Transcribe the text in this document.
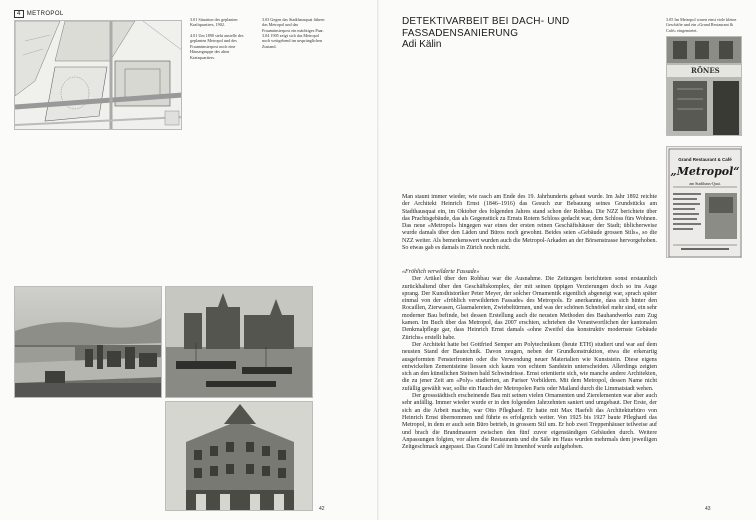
4 METROPOL
3.01 Situation des geplanten Kraftquartiers, 1902.
4.01 Um 1890 steht anstelle des geplanten Metropol und des Fraumünsterpost noch eine Häusergruppe des alten Kratzquartiers.
3.03 Gegen das Stadthausquai führen das Metropol und das Fraumünsterpost ein mächtiges Paar.
3.04 1905 zeigt sich das Metropol noch weitgehend im ursprünglichen Zustand.
42
DETEKTIVARBEIT BEI DACH- UND FASSADENSANIERUNG
Adi Kälin
3.05 Im Metropol waren einst viele kleine Geschäfte und ein «Grand Restaurant & Café» eingemietet.
RÖNES
Grand Restaurant & Café
„Metropol“
am Stadthaus-Quai.

Man staunt immer wieder, wie rasch am Ende des 19. Jahrhunderts gebaut wurde. Im Jahr 1892 reichte der Architekt Heinrich Ernst (1846–1916) das Gesuch zur Bebauung seines Grundstücks am Stadthausquai ein, im Oktober des folgenden Jahres stand schon der Rohbau. Die NZZ berichtete über das Prachtsgebäude, das als Gegenstück zu Ernsts Rotem Schloss gedacht war, dem Schloss fürs Wohnen. Das neue «Metropol» hingegen war eines der ersten reinen Geschäftshäuser der Stadt; üblicherweise wurde damals über den Läden und Büros noch gewohnt. Beides seien «Gebäude grossen Stils», so die NZZ weiter. Als bemerkenswert wurden auch die Metropol-Arkaden an der Börsenstrasse hervorgehoben. So etwas gab es damals in Zürich noch nicht.

«Fröhlich verwilderte Fassade»

Der Artikel über den Rohbau war die Ausnahme. Die Zeitungen berichteten sonst erstaunlich zurückhaltend über den Geschäftskomplex, der mit seinen üppigen Verzierungen doch so ins Auge sprang. Der Kunsthistoriker Peter Meyer, der solcher Ornamentik eigentlich abgeneigt war, sprach später einmal von der «fröhlich verwilderten Fassade» des Metropols. Er anerkannte, dass sich hinter den Rocaillen, Zierwasen, Glasmalereien, Zwiebeltürmen, und was der schönen Schnörkel mehr sind, ein sehr moderner Bau befinde, bei dessen Erstellung auch die neusten Methoden des Bauhandwerks zum Zug kamen. Im Buch über das Metropol, das 2007 erschien, schrieben die Verantwortlichen der kantonalen Denkmalpflege gar, dass Heinrich Ernst damals «ohne Zweifel das konstruktiv modernste Gebäude Zürichs» erstellt habe.

Der Architekt hatte bei Gottfried Semper am Polytechnikum (heute ETH) studiert und war auf dem neusten Stand der Bautechnik. Davon zeugen, neben der Grundkonstruktion, etwa die erkerartig ausgeformten Fensterfronten oder die Verwendung neuer Materialien wie Kunststein. Diese eigens entwickelten Zementsteine liessen sich kaum von echtem Sandstein unterscheiden. Allerdings zeigten sich an den künstlichen Steinen bald Schwindrisse. Ernst orientierte sich, wie manche andere Architekten, die zu jener Zeit am «Poly» studierten, an Pariser Vorbildern. Mit dem Metropol, dessen Name nicht zufällig gewählt war, sollte ein Hauch der Metropolen Paris oder Mailand durch die Limmatstadt wehen.

Der grossstädtisch erscheinende Bau mit seinen vielen Ornamenten und Zierelementen war aber auch sehr anfällig. Immer wieder wurde er in den folgenden Jahrzehnten saniert und umgebaut. Der Erste, der sich an die Arbeit machte, war Otto Pfleghard. Er hatte mit Max Haefeli das Architekturbüro von Heinrich Ernst übernommen und führte es erfolgreich weiter. Von 1925 bis 1927 baute Pfleghard das Metropol, in dem er auch sein Büro betrieb, in grossem Stil um. Er hob zwei Treppenhäuser teilweise auf und brach die Brandmauern zwischen den fünf zuvor eigenständigen Gebäuden durch. Weitere Anpassungen folgten, vor allem die Restaurants und die Säle im Haus wurden mehrmals dem jeweiligen Zeitgeschmack angepasst. Das Grand Café im Innenhof wurde aufgehoben.

43
